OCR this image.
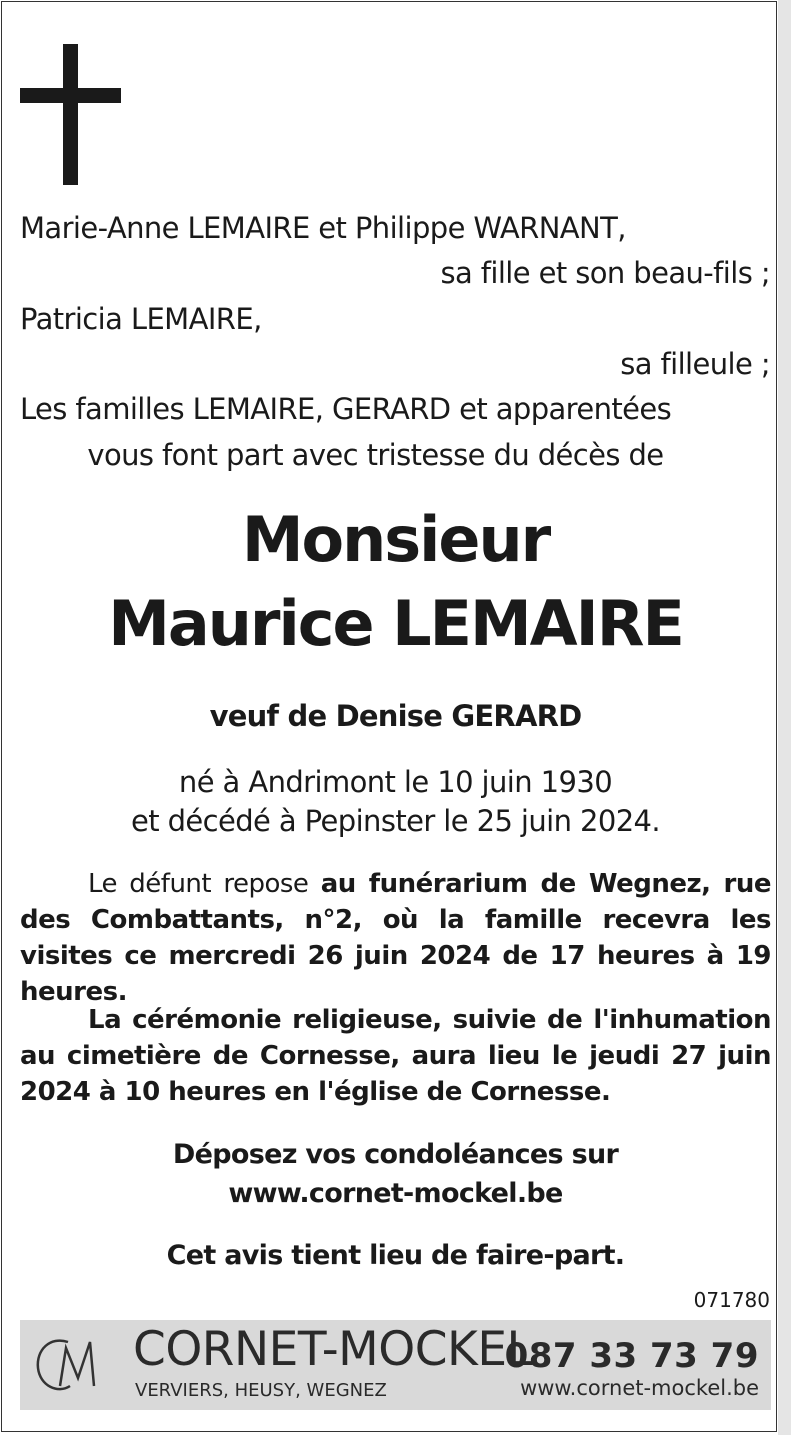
Marie-Anne LEMAIRE et Philippe WARNANT,
sa fille et son beau-fils ;
Patricia LEMAIRE,
sa filleule ;
Les familles LEMAIRE, GERARD et apparentées
vous font part avec tristesse du décès de
Monsieur
Maurice LEMAIRE
veuf de Denise GERARD
né à Andrimont le 10 juin 1930
et décédé à Pepinster le 25 juin 2024.
Le défunt repose au funérarium de Wegnez, rue des Combattants, n°2, où la famille recevra les visites ce mercredi 26 juin 2024 de 17 heures à 19 heures.
La cérémonie religieuse, suivie de l'inhumation au cimetière de Cornesse, aura lieu le jeudi 27 juin 2024 à 10 heures en l'église de Cornesse.
Déposez vos condoléances sur
www.cornet-mockel.be
Cet avis tient lieu de faire-part.
071780
CORNET-MOCKEL
087 33 73 79
VERVIERS, HEUSY, WEGNEZ	www.cornet-mockel.be
